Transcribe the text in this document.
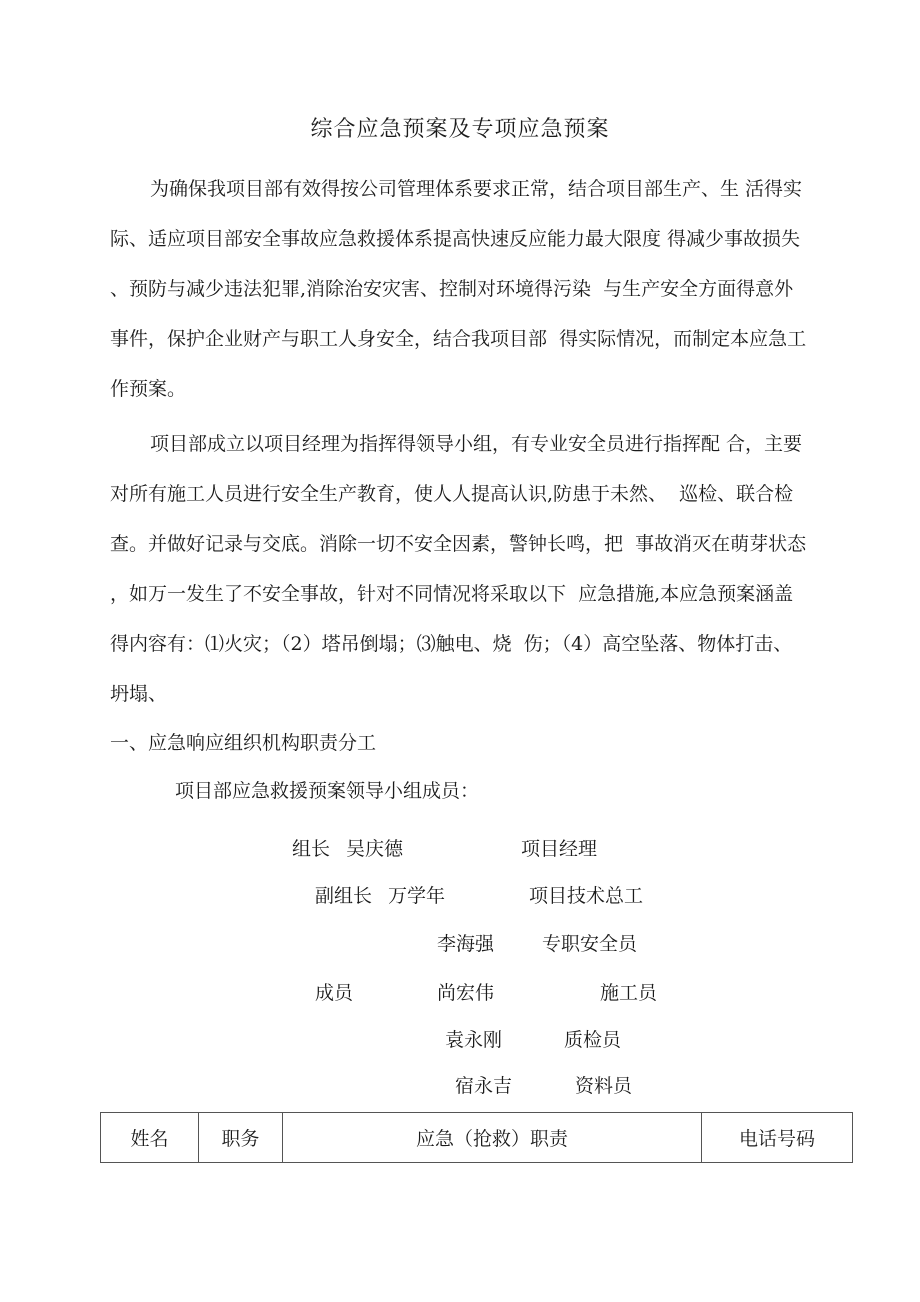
综合应急预案及专项应急预案
为确保我项目部有效得按公司管理体系要求正常，结合项目部生产、生 活得实
际、适应项目部安全事故应急救援体系提高快速反应能力最大限度 得减少事故损失
、预防与减少违法犯罪,消除治安灾害、控制对环境得污染  与生产安全方面得意外
事件，保护企业财产与职工人身安全，结合我项目部  得实际情况，而制定本应急工
作预案。
项目部成立以项目经理为指挥得领导小组，有专业安全员进行指挥配 合，主要
对所有施工人员进行安全生产教育，使人人提高认识,防患于未然、  巡检、联合检
查。并做好记录与交底。消除一切不安全因素，警钟长鸣，把  事故消灭在萌芽状态
，如万一发生了不安全事故，针对不同情况将采取以下  应急措施,本应急预案涵盖
得内容有：⑴火灾；（2）塔吊倒塌；⑶触电、烧  伤；（4）高空坠落、物体打击、
坍塌、
一、应急响应组织机构职责分工
项目部应急救援预案领导小组成员：
组长 吴庆德	项目经理
副组长 万学年	项目技术总工
李海强	专职安全员
成员	尚宏伟	施工员
袁永刚	质检员
宿永吉	资料员
姓名	职务	应急（抢救）职责	电话号码
